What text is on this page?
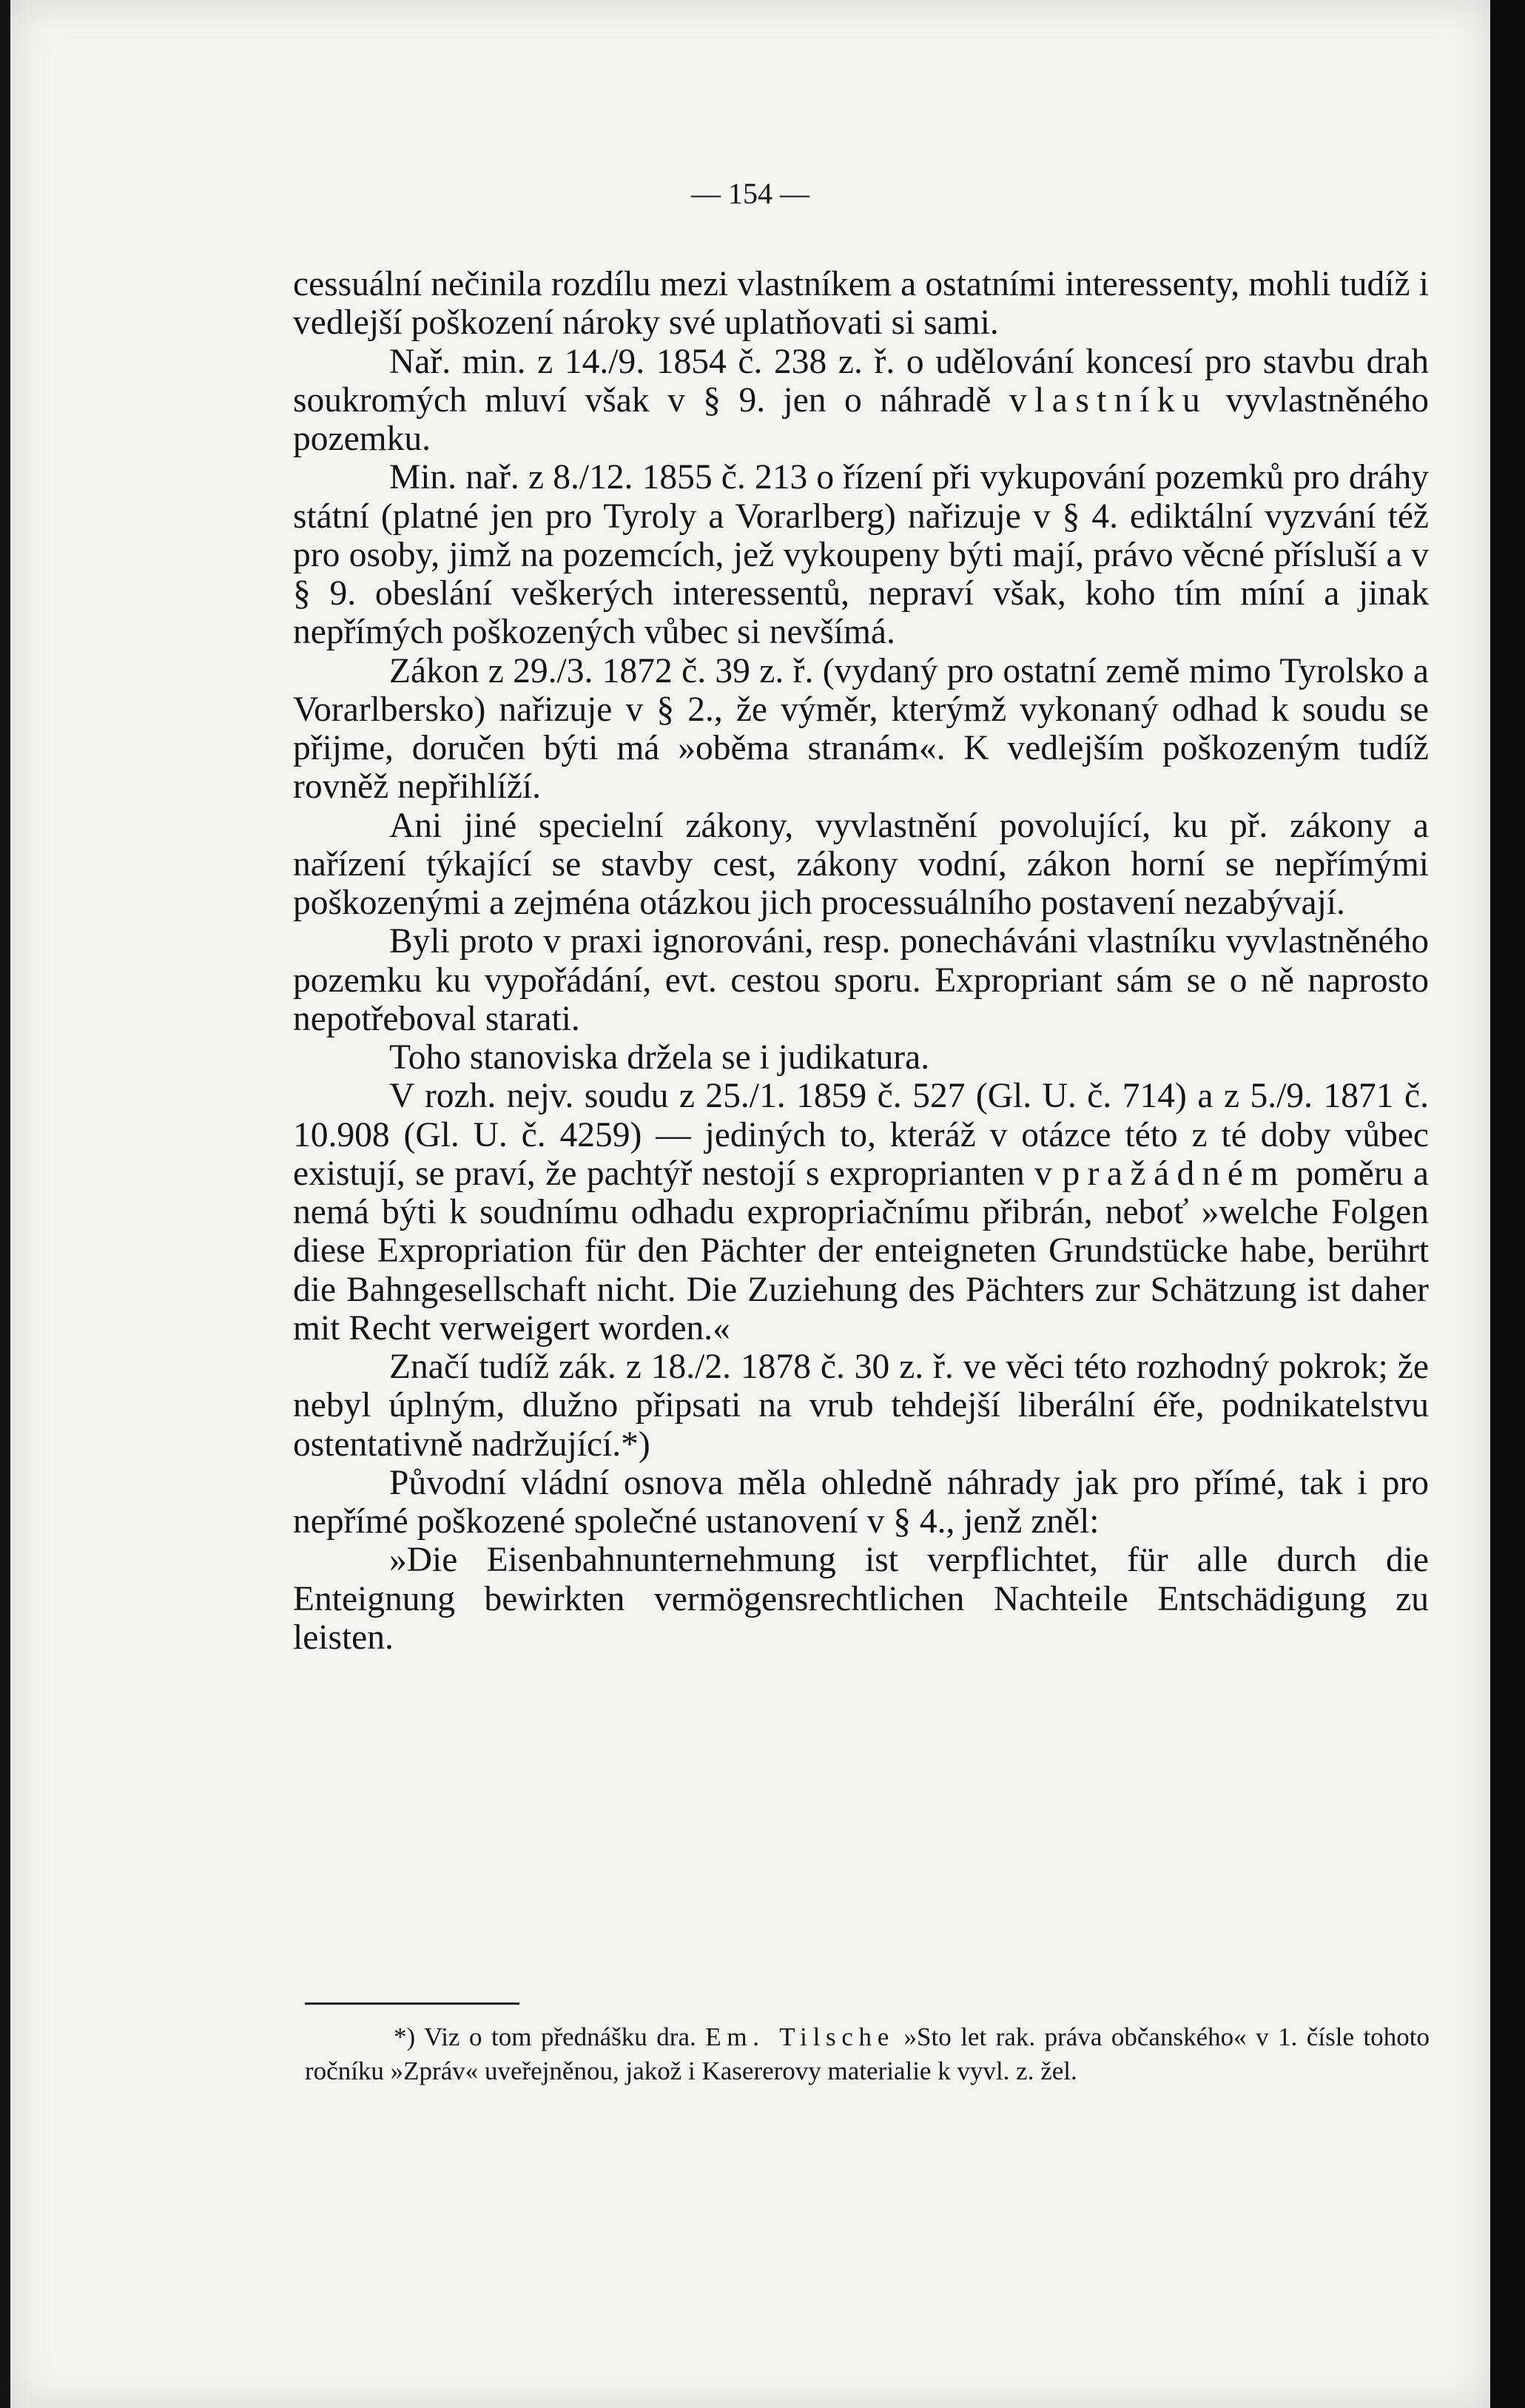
— 154 —

cessuální nečinila rozdílu mezi vlastníkem a ostatními interessenty, mohli tudíž i vedlejší poškození nároky své uplatňovati si sami.

Nař. min. z 14./9. 1854 č. 238 z. ř. o udělování koncesí pro stavbu drah soukromých mluví však v § 9. jen o náhradě vlastníku vyvlastněného pozemku.

Min. nař. z 8./12. 1855 č. 213 o řízení při vykupování pozemků pro dráhy státní (platné jen pro Tyroly a Vorarlberg) nařizuje v § 4. ediktální vyzvání též pro osoby, jimž na pozemcích, jež vykoupeny býti mají, právo věcné přísluší a v § 9. obeslání veškerých interessentů, nepraví však, koho tím míní a jinak nepřímých poškozených vůbec si nevšímá.

Zákon z 29./3. 1872 č. 39 z. ř. (vydaný pro ostatní země mimo Tyrolsko a Vorarlbersko) nařizuje v § 2., že výměr, kterýmž vykonaný odhad k soudu se přijme, doručen býti má »oběma stranám«. K vedlejším poškozeným tudíž rovněž nepřihlíží.

Ani jiné specielní zákony, vyvlastnění povolující, ku př. zákony a nařízení týkající se stavby cest, zákony vodní, zákon horní se nepřímými poškozenými a zejména otázkou jich processuálního postavení nezabývají.

Byli proto v praxi ignorováni, resp. ponecháváni vlastníku vyvlastněného pozemku ku vypořádání, evt. cestou sporu. Expropriant sám se o ně naprosto nepotřeboval starati.

Toho stanoviska držela se i judikatura.

V rozh. nejv. soudu z 25./1. 1859 č. 527 (Gl. U. č. 714) a z 5./9. 1871 č. 10.908 (Gl. U. č. 4259) — jediných to, kteráž v otázce této z té doby vůbec existují, se praví, že pachtýř nestojí s exproprianten v pražádném poměru a nemá býti k soudnímu odhadu expropriačnímu přibrán, neboť »welche Folgen diese Expropriation für den Pächter der enteigneten Grundstücke habe, berührt die Bahngesellschaft nicht. Die Zuziehung des Pächters zur Schätzung ist daher mit Recht verweigert worden.«

Značí tudíž zák. z 18./2. 1878 č. 30 z. ř. ve věci této rozhodný pokrok; že nebyl úplným, dlužno připsati na vrub tehdejší liberální éře, podnikatelstvu ostentativně nadržující.*)

Původní vládní osnova měla ohledně náhrady jak pro přímé, tak i pro nepřímé poškozené společné ustanovení v § 4., jenž zněl:

»Die Eisenbahnunternehmung ist verpflichtet, für alle durch die Enteignung bewirkten vermögensrechtlichen Nachteile Entschädigung zu leisten.

*) Viz o tom přednášku dra. Em. Tilsche »Sto let rak. práva občanského« v 1. čísle tohoto ročníku »Zpráv« uveřejněnou, jakož i Kasererovy materialie k vyvl. z. žel.
